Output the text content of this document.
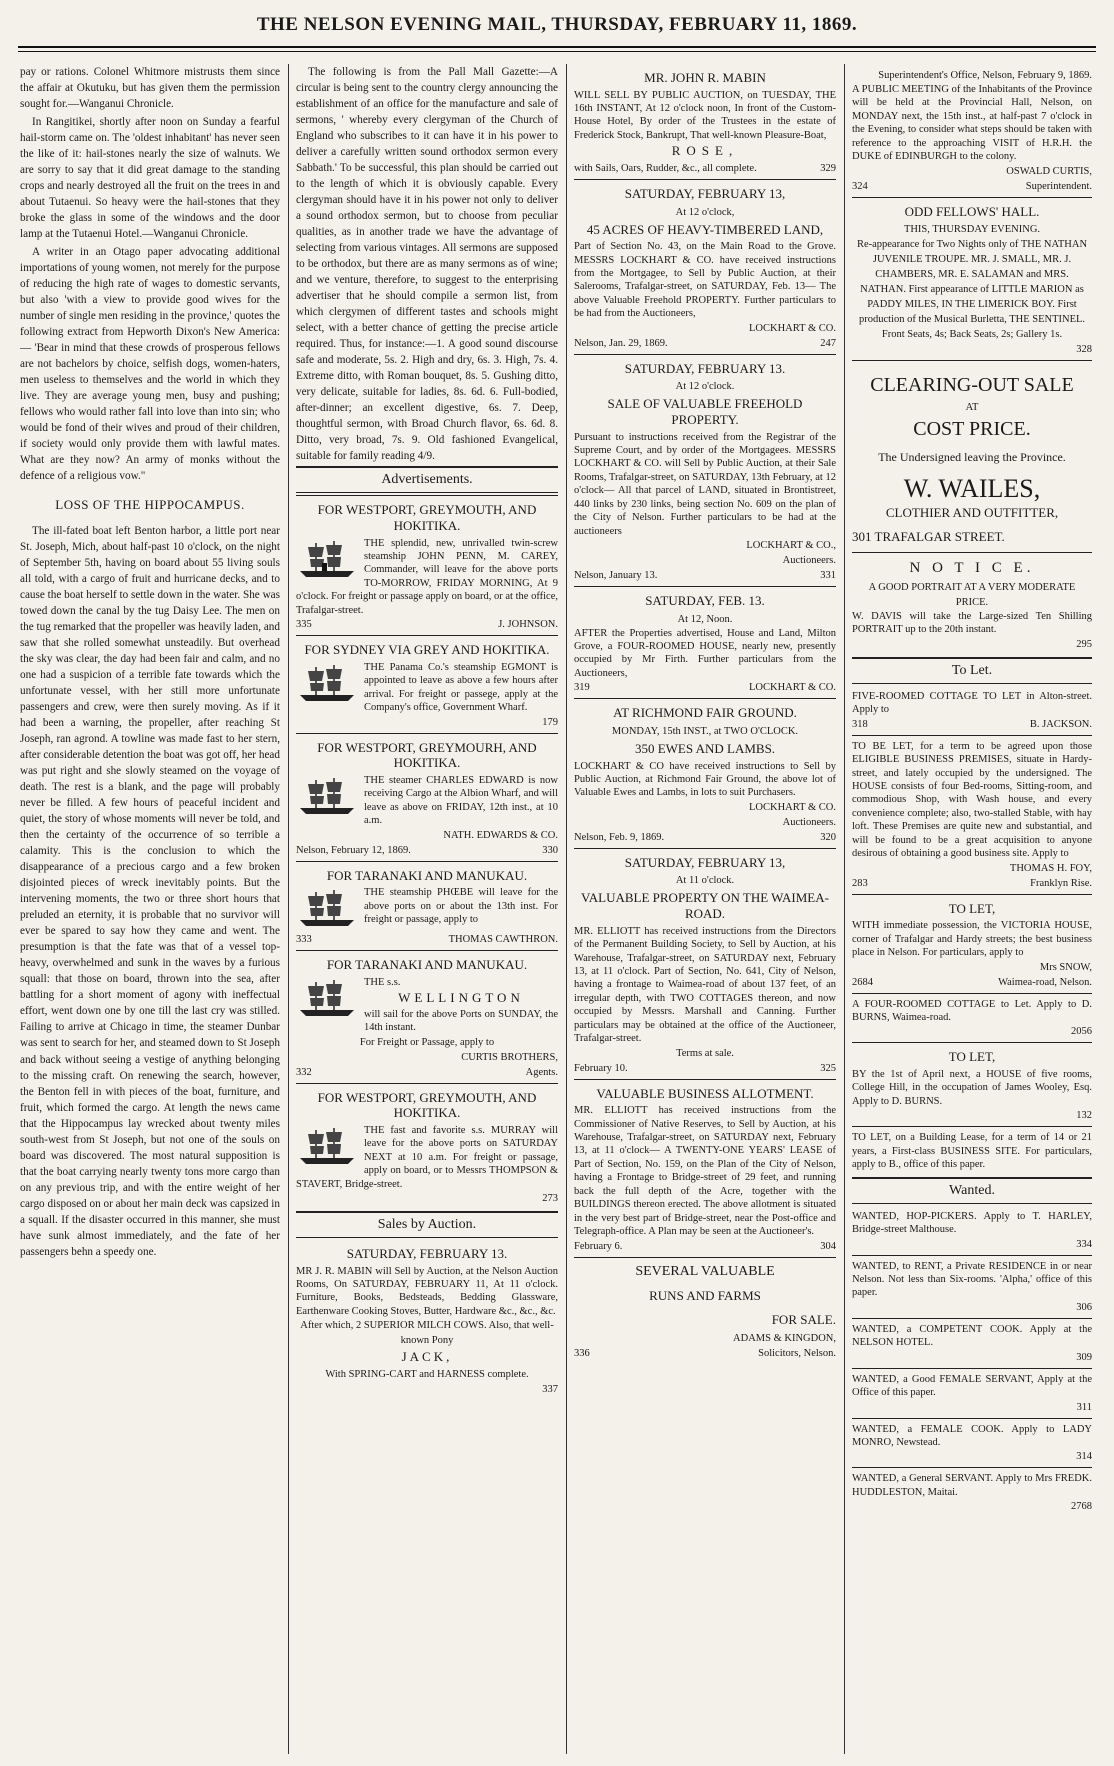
THE NELSON EVENING MAIL, THURSDAY, FEBRUARY 11, 1869.

pay or rations. Colonel Whitmore mistrusts them since the affair at Okutuku, but has given them the permission sought for.—Wanganui Chronicle.

In Rangitikei, shortly after noon on Sunday a fearful hail-storm came on. The 'oldest inhabitant' has never seen the like of it: hail-stones nearly the size of walnuts. We are sorry to say that it did great damage to the standing crops and nearly destroyed all the fruit on the trees in and about Tutaenui. So heavy were the hail-stones that they broke the glass in some of the windows and the door lamp at the Tutaenui Hotel.—Wanganui Chronicle.

A writer in an Otago paper advocating additional importations of young women, not merely for the purpose of reducing the high rate of wages to domestic servants, but also 'with a view to provide good wives for the number of single men residing in the province,' quotes the following extract from Hepworth Dixon's New America:— 'Bear in mind that these crowds of prosperous fellows are not bachelors by choice, selfish dogs, women-haters, men useless to themselves and the world in which they live. They are average young men, busy and pushing; fellows who would rather fall into love than into sin; who would be fond of their wives and proud of their children, if society would only provide them with lawful mates. What are they now? An army of monks without the defence of a religious vow."

LOSS OF THE HIPPOCAMPUS.

The ill-fated boat left Benton harbor, a little port near St. Joseph, Mich, about half-past 10 o'clock, on the night of September 5th, having on board about 55 living souls all told, with a cargo of fruit and hurricane decks, and to cause the boat herself to settle down in the water. She was towed down the canal by the tug Daisy Lee. The men on the tug remarked that the propeller was heavily laden, and saw that she rolled somewhat unsteadily. But overhead the sky was clear, the day had been fair and calm, and no one had a suspicion of a terrible fate towards which the unfortunate vessel, with her still more unfortunate passengers and crew, were then surely moving. As if it had been a warning, the propeller, after reaching St Joseph, ran agrond. A towline was made fast to her stern, after considerable detention the boat was got off, her head was put right and she slowly steamed on the voyage of death. The rest is a blank, and the page will probably never be filled. A few hours of peaceful incident and quiet, the story of whose moments will never be told, and then the certainty of the occurrence of so terrible a calamity. This is the conclusion to which the disappearance of a precious cargo and a few broken disjointed pieces of wreck inevitably points. But the intervening moments, the two or three short hours that preluded an eternity, it is probable that no survivor will ever be spared to say how they came and went. The presumption is that the fate was that of a vessel top-heavy, overwhelmed and sunk in the waves by a furious squall: that those on board, thrown into the sea, after battling for a short moment of agony with ineffectual effort, went down one by one till the last cry was stilled. Failing to arrive at Chicago in time, the steamer Dunbar was sent to search for her, and steamed down to St Joseph and back without seeing a vestige of anything belonging to the missing craft. On renewing the search, however, the Benton fell in with pieces of the boat, furniture, and fruit, which formed the cargo. At length the news came that the Hippocampus lay wrecked about twenty miles south-west from St Joseph, but not one of the souls on board was discovered. The most natural supposition is that the boat carrying nearly twenty tons more cargo than on any previous trip, and with the entire weight of her cargo disposed on or about her main deck was capsized in a squall. If the disaster occurred in this manner, she must have sunk almost immediately, and the fate of her passengers behn a speedy one.

The following is from the Pall Mall Gazette:—A circular is being sent to the country clergy announcing the establishment of an office for the manufacture and sale of sermons, ' whereby every clergyman of the Church of England who subscribes to it can have it in his power to deliver a carefully written sound orthodox sermon every Sabbath.' To be successful, this plan should be carried out to the length of which it is obviously capable. Every clergyman should have it in his power not only to deliver a sound orthodox sermon, but to choose from peculiar qualities, as in another trade we have the advantage of selecting from various vintages. All sermons are supposed to be orthodox, but there are as many sermons as of wine; and we venture, therefore, to suggest to the enterprising advertiser that he should compile a sermon list, from which clergymen of different tastes and schools might select, with a better chance of getting the precise article required. Thus, for instance:—1. A good sound discourse safe and moderate, 5s. 2. High and dry, 6s. 3. High, 7s. 4. Extreme ditto, with Roman bouquet, 8s. 5. Gushing ditto, very delicate, suitable for ladies, 8s. 6d. 6. Full-bodied, after-dinner; an excellent digestive, 6s. 7. Deep, thoughtful sermon, with Broad Church flavor, 6s. 6d. 8. Ditto, very broad, 7s. 9. Old fashioned Evangelical, suitable for family reading 4/9.

Advertisements.
FOR WESTPORT, GREYMOUTH, AND HOKITIKA.
THE splendid, new, unrivalled twin-screw steamship JOHN PENN, M. CAREY, Commander, will leave for the above ports TO-MORROW, FRIDAY MORNING, At 9 o'clock. For freight or passage apply on board, or at the office, Trafalgar-street.
335	J. JOHNSON.
FOR SYDNEY VIA GREY AND HOKITIKA.
THE Panama Co.'s steamship EGMONT is appointed to leave as above a few hours after arrival. For freight or passege, apply at the Company's office, Government Wharf.
179
FOR WESTPORT, GREYMOURH, AND HOKITIKA.
THE steamer CHARLES EDWARD is now receiving Cargo at the Albion Wharf, and will leave as above on FRIDAY, 12th inst., at 10 a.m.
NATH. EDWARDS & CO.
Nelson, February 12, 1869.	330
FOR TARANAKI AND MANUKAU.
THE steamship PHŒBE will leave for the above ports on or about the 13th inst. For freight or passage, apply to
333	THOMAS CAWTHRON.
FOR TARANAKI AND MANUKAU.
THE s.s.
WELLINGTON
will sail for the above Ports on SUNDAY, the 14th instant.
For Freight or Passage, apply to
CURTIS BROTHERS,
332	Agents.
FOR WESTPORT, GREYMOUTH, AND HOKITIKA.
THE fast and favorite s.s. MURRAY will leave for the above ports on SATURDAY NEXT at 10 a.m. For freight or passage, apply on board, or to Messrs THOMPSON & STAVERT, Bridge-street.
273
Sales by Auction.
SATURDAY, FEBRUARY 13.
MR J. R. MABIN will Sell by Auction, at the Nelson Auction Rooms, On SATURDAY, FEBRUARY 11, At 11 o'clock. Furniture, Books, Bedsteads, Bedding Glassware, Earthenware Cooking Stoves, Butter, Hardware &c., &c., &c.
After which, 2 SUPERIOR MILCH COWS. Also, that well-known Pony
JACK,
With SPRING-CART and HARNESS complete.
337
MR. JOHN R. MABIN
WILL SELL BY PUBLIC AUCTION, on TUESDAY, THE 16th INSTANT, At 12 o'clock noon, In front of the Custom-House Hotel, By order of the Trustees in the estate of Frederick Stock, Bankrupt, That well-known Pleasure-Boat,
ROSE,
with Sails, Oars, Rudder, &c., all complete.	329
SATURDAY, FEBRUARY 13,
At 12 o'clock,
45 ACRES OF HEAVY-TIMBERED LAND,
Part of Section No. 43, on the Main Road to the Grove. MESSRS LOCKHART & CO. have received instructions from the Mortgagee, to Sell by Public Auction, at their Salerooms, Trafalgar-street, on SATURDAY, Feb. 13— The above Valuable Freehold PROPERTY. Further particulars to be had from the Auctioneers,
LOCKHART & CO.
Nelson, Jan. 29, 1869.	247
SATURDAY, FEBRUARY 13.
At 12 o'clock.
SALE OF VALUABLE FREEHOLD PROPERTY.
Pursuant to instructions received from the Registrar of the Supreme Court, and by order of the Mortgagees. MESSRS LOCKHART & CO. will Sell by Public Auction, at their Sale Rooms, Trafalgar-street, on SATURDAY, 13th February, at 12 o'clock— All that parcel of LAND, situated in Brontistreet, 440 links by 230 links, being section No. 609 on the plan of the City of Nelson. Further particulars to be had at the auctioneers
LOCKHART & CO.,
Auctioneers.
Nelson, January 13.	331
SATURDAY, FEB. 13.
At 12, Noon.
AFTER the Properties advertised, House and Land, Milton Grove, a FOUR-ROOMED HOUSE, nearly new, presently occupied by Mr Firth. Further particulars from the Auctioneers,
319	LOCKHART & CO.
AT RICHMOND FAIR GROUND.
MONDAY, 15th INST., at TWO O'CLOCK.
350 EWES AND LAMBS.
LOCKHART & CO have received instructions to Sell by Public Auction, at Richmond Fair Ground, the above lot of Valuable Ewes and Lambs, in lots to suit Purchasers.
LOCKHART & CO.
Auctioneers.
Nelson, Feb. 9, 1869.	320
SATURDAY, FEBRUARY 13,
At 11 o'clock.
VALUABLE PROPERTY ON THE WAIMEA-ROAD.
MR. ELLIOTT has received instructions from the Directors of the Permanent Building Society, to Sell by Auction, at his Warehouse, Trafalgar-street, on SATURDAY next, February 13, at 11 o'clock. Part of Section, No. 641, City of Nelson, having a frontage to Waimea-road of about 137 feet, of an irregular depth, with TWO COTTAGES thereon, and now occupied by Messrs. Marshall and Canning. Further particulars may be obtained at the office of the Auctioneer, Trafalgar-street.
Terms at sale.
February 10.	325
VALUABLE BUSINESS ALLOTMENT.
MR. ELLIOTT has received instructions from the Commissioner of Native Reserves, to Sell by Auction, at his Warehouse, Trafalgar-street, on SATURDAY next, February 13, at 11 o'clock— A TWENTY-ONE YEARS' LEASE of Part of Section, No. 159, on the Plan of the City of Nelson, having a Frontage to Bridge-street of 29 feet, and running back the full depth of the Acre, together with the BUILDINGS thereon erected. The above allotment is situated in the very best part of Bridge-street, near the Post-office and Telegraph-office. A Plan may be seen at the Auctioneer's.
February 6.	304
SEVERAL VALUABLE
RUNS AND FARMS
FOR SALE.
ADAMS & KINGDON,
336	Solicitors, Nelson.
Superintendent's Office, Nelson, February 9, 1869.
A PUBLIC MEETING of the Inhabitants of the Province will be held at the Provincial Hall, Nelson, on MONDAY next, the 15th inst., at half-past 7 o'clock in the Evening, to consider what steps should be taken with reference to the approaching VISIT of H.R.H. the DUKE of EDINBURGH to the colony.
OSWALD CURTIS,
324	Superintendent.
ODD FELLOWS' HALL.
THIS, THURSDAY EVENING.
Re-appearance for Two Nights only of THE NATHAN JUVENILE TROUPE. MR. J. SMALL, MR. J. CHAMBERS, MR. E. SALAMAN and MRS. NATHAN. First appearance of LITTLE MARION as PADDY MILES, IN THE LIMERICK BOY. First production of the Musical Burletta, THE SENTINEL.
Front Seats, 4s; Back Seats, 2s; Gallery 1s.
328
CLEARING-OUT SALE
AT
COST PRICE.
The Undersigned leaving the Province.
W. WAILES,
CLOTHIER AND OUTFITTER,
301 TRAFALGAR STREET.
N O T I C E.
A GOOD PORTRAIT AT A VERY MODERATE PRICE.
W. DAVIS will take the Large-sized Ten Shilling PORTRAIT up to the 20th instant.
295
To Let.
FIVE-ROOMED COTTAGE TO LET in Alton-street. Apply to
318	B. JACKSON.
TO BE LET, for a term to be agreed upon those ELIGIBLE BUSINESS PREMISES, situate in Hardy-street, and lately occupied by the undersigned. The HOUSE consists of four Bed-rooms, Sitting-room, and commodious Shop, with Wash house, and every convenience complete; also, two-stalled Stable, with hay loft. These Premises are quite new and substantial, and will be found to be a great acquisition to anyone desirous of obtaining a good business site. Apply to
THOMAS H. FOY,
283	Franklyn Rise.
TO LET,
WITH immediate possession, the VICTORIA HOUSE, corner of Trafalgar and Hardy streets; the best business place in Nelson. For particulars, apply to
Mrs SNOW,
2684	Waimea-road, Nelson.
A FOUR-ROOMED COTTAGE to Let. Apply to D. BURNS, Waimea-road.
2056
TO LET,
BY the 1st of April next, a HOUSE of five rooms, College Hill, in the occupation of James Wooley, Esq. Apply to D. BURNS.
132
TO LET, on a Building Lease, for a term of 14 or 21 years, a First-class BUSINESS SITE. For particulars, apply to B., office of this paper.
Wanted.
WANTED, HOP-PICKERS. Apply to T. HARLEY, Bridge-street Malthouse.
334
WANTED, to RENT, a Private RESIDENCE in or near Nelson. Not less than Six-rooms. 'Alpha,' office of this paper.
306
WANTED, a COMPETENT COOK. Apply at the NELSON HOTEL.
309
WANTED, a Good FEMALE SERVANT, Apply at the Office of this paper.
311
WANTED, a FEMALE COOK. Apply to LADY MONRO, Newstead.
314
WANTED, a General SERVANT. Apply to Mrs FREDK. HUDDLESTON, Maitai.
2768
